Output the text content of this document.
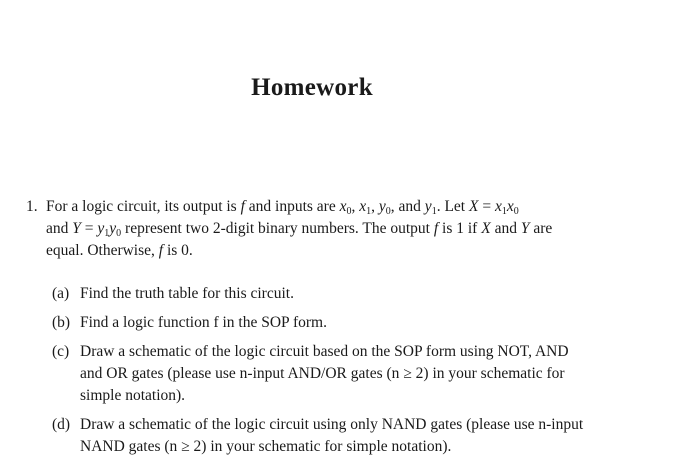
Homework
1. For a logic circuit, its output is f and inputs are $x_0$, $x_1$, $y_0$, and $y_1$. Let $X = x_1x_0$
and $Y = y_1y_0$ represent two 2-digit binary numbers. The output f is 1 if X and Y are
equal. Otherwise, f is 0.
(a) Find the truth table for this circuit.
(b) Find a logic function f in the SOP form.
(c) Draw a schematic of the logic circuit based on the SOP form using NOT, AND
and OR gates (please use n-input AND/OR gates (n ≥ 2) in your schematic for
simple notation).
(d) Draw a schematic of the logic circuit using only NAND gates (please use n-input
NAND gates (n ≥ 2) in your schematic for simple notation).
